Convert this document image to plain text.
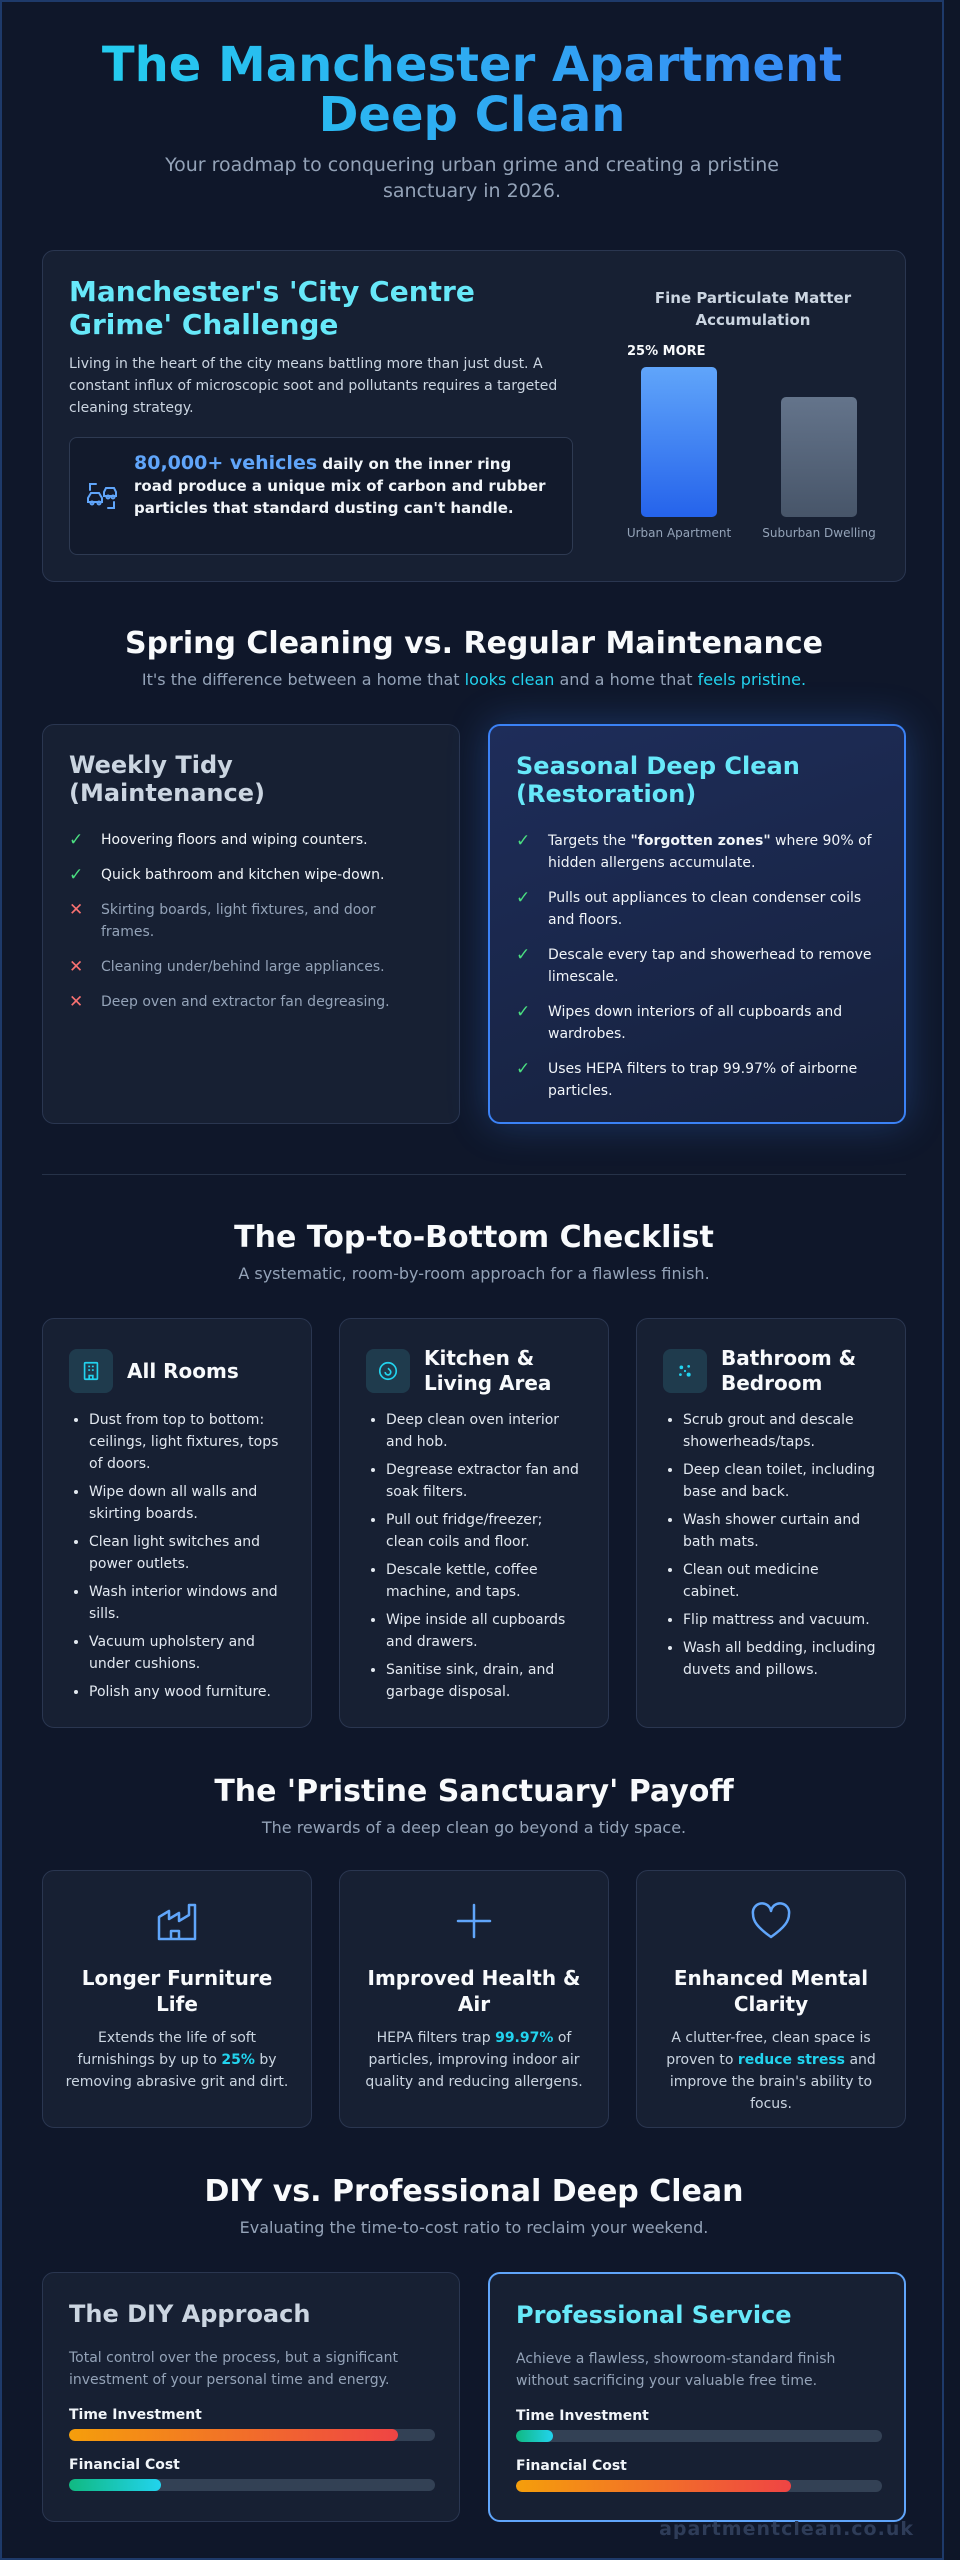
The Manchester Apartment Deep Clean

Your roadmap to conquering urban grime and creating a pristine sanctuary in 2026.

Manchester's 'City Centre Grime' Challenge

Living in the heart of the city means battling more than just dust. A constant influx of microscopic soot and pollutants requires a targeted cleaning strategy.

80,000+ vehicles daily on the inner ring road produce a unique mix of carbon and rubber particles that standard dusting can't handle.

Fine Particulate Matter Accumulation
Urban Apartment	Suburban Dwelling
25% MORE
Spring Cleaning vs. Regular Maintenance

It's the difference between a home that looks clean and a home that feels pristine.

Weekly Tidy (Maintenance)
✓ Hoovering floors and wiping counters.
✓ Quick bathroom and kitchen wipe-down.
✕ Skirting boards, light fixtures, and door frames.
✕ Cleaning under/behind large appliances.
✕ Deep oven and extractor fan degreasing.
Seasonal Deep Clean (Restoration)
✓ Targets the "forgotten zones" where 90% of hidden allergens accumulate.
✓ Pulls out appliances to clean condenser coils and floors.
✓ Descale every tap and showerhead to remove limescale.
✓ Wipes down interiors of all cupboards and wardrobes.
✓ Uses HEPA filters to trap 99.97% of airborne particles.
The Top-to-Bottom Checklist

A systematic, room-by-room approach for a flawless finish.

All Rooms
• Dust from top to bottom: ceilings, light fixtures, tops of doors.
• Wipe down all walls and skirting boards.
• Clean light switches and power outlets.
• Wash interior windows and sills.
• Vacuum upholstery and under cushions.
• Polish any wood furniture.
Kitchen & Living Area
• Deep clean oven interior and hob.
• Degrease extractor fan and soak filters.
• Pull out fridge/freezer; clean coils and floor.
• Descale kettle, coffee machine, and taps.
• Wipe inside all cupboards and drawers.
• Sanitise sink, drain, and garbage disposal.
Bathroom & Bedroom
• Scrub grout and descale showerheads/taps.
• Deep clean toilet, including base and back.
• Wash shower curtain and bath mats.
• Clean out medicine cabinet.
• Flip mattress and vacuum.
• Wash all bedding, including duvets and pillows.
The 'Pristine Sanctuary' Payoff

The rewards of a deep clean go beyond a tidy space.

Longer Furniture Life

Extends the life of soft furnishings by up to 25% by removing abrasive grit and dirt.

Improved Health & Air

HEPA filters trap 99.97% of particles, improving indoor air quality and reducing allergens.

Enhanced Mental Clarity

A clutter-free, clean space is proven to reduce stress and improve the brain's ability to focus.

DIY vs. Professional Deep Clean

Evaluating the time-to-cost ratio to reclaim your weekend.

The DIY Approach

Total control over the process, but a significant investment of your personal time and energy.

Time Investment
Financial Cost
Professional Service

Achieve a flawless, showroom-standard finish without sacrificing your valuable free time.

Time Investment
Financial Cost
apartmentclean.co.uk
